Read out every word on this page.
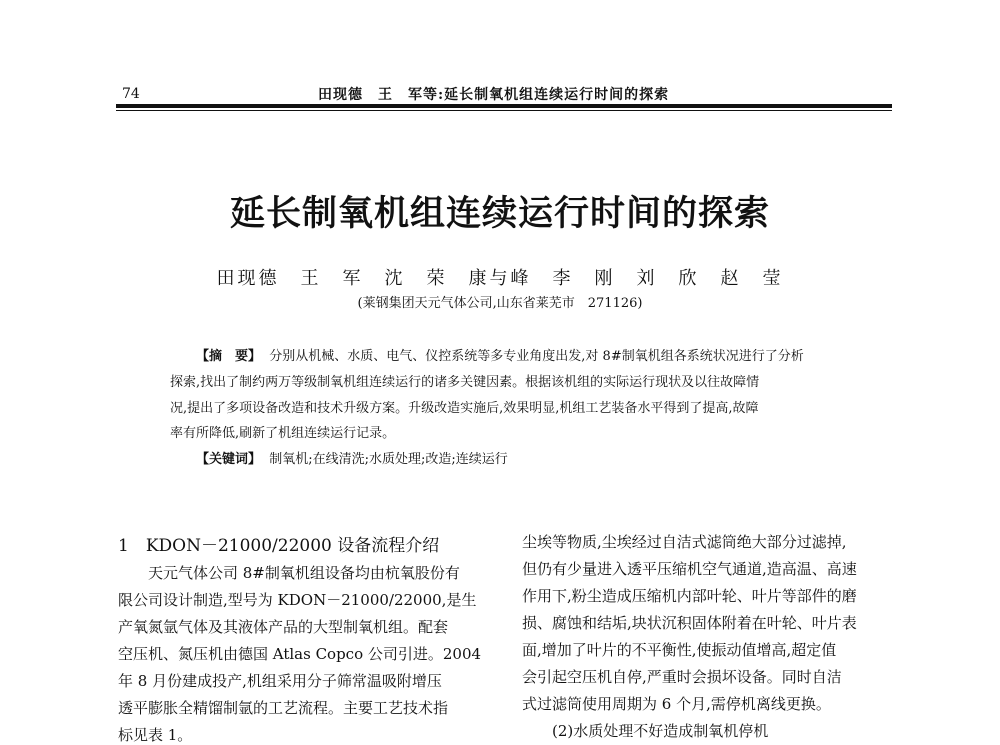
74	田现德　王　军等:延长制氧机组连续运行时间的探索
延长制氧机组连续运行时间的探索
田现德　王　军　沈　荣　康与峰　李　刚　刘　欣　赵　莹
(莱钢集团天元气体公司,山东省莱芜市　271126)
【摘　要】 分别从机械、水质、电气、仪控系统等多专业角度出发,对 8#制氧机组各系统状况进行了分析
探索,找出了制约两万等级制氧机组连续运行的诸多关键因素。根据该机组的实际运行现状及以往故障情
况,提出了多项设备改造和技术升级方案。升级改造实施后,效果明显,机组工艺装备水平得到了提高,故障
率有所降低,刷新了机组连续运行记录。
【关键词】 制氧机;在线清洗;水质处理;改造;连续运行
1　KDON－21000/22000 设备流程介绍
天元气体公司 8#制氧机组设备均由杭氧股份有
限公司设计制造,型号为 KDON－21000/22000,是生
产氧氮氩气体及其液体产品的大型制氧机组。配套
空压机、氮压机由德国 Atlas Copco 公司引进。2004
年 8 月份建成投产,机组采用分子筛常温吸附增压
透平膨胀全精馏制氩的工艺流程。主要工艺技术指
标见表 1。
尘埃等物质,尘埃经过自洁式滤筒绝大部分过滤掉,
但仍有少量进入透平压缩机空气通道,造高温、高速
作用下,粉尘造成压缩机内部叶轮、叶片等部件的磨
损、腐蚀和结垢,块状沉积固体附着在叶轮、叶片表
面,增加了叶片的不平衡性,使振动值增高,超定值
会引起空压机自停,严重时会损坏设备。同时自洁
式过滤筒使用周期为 6 个月,需停机离线更换。
(2)水质处理不好造成制氧机停机
